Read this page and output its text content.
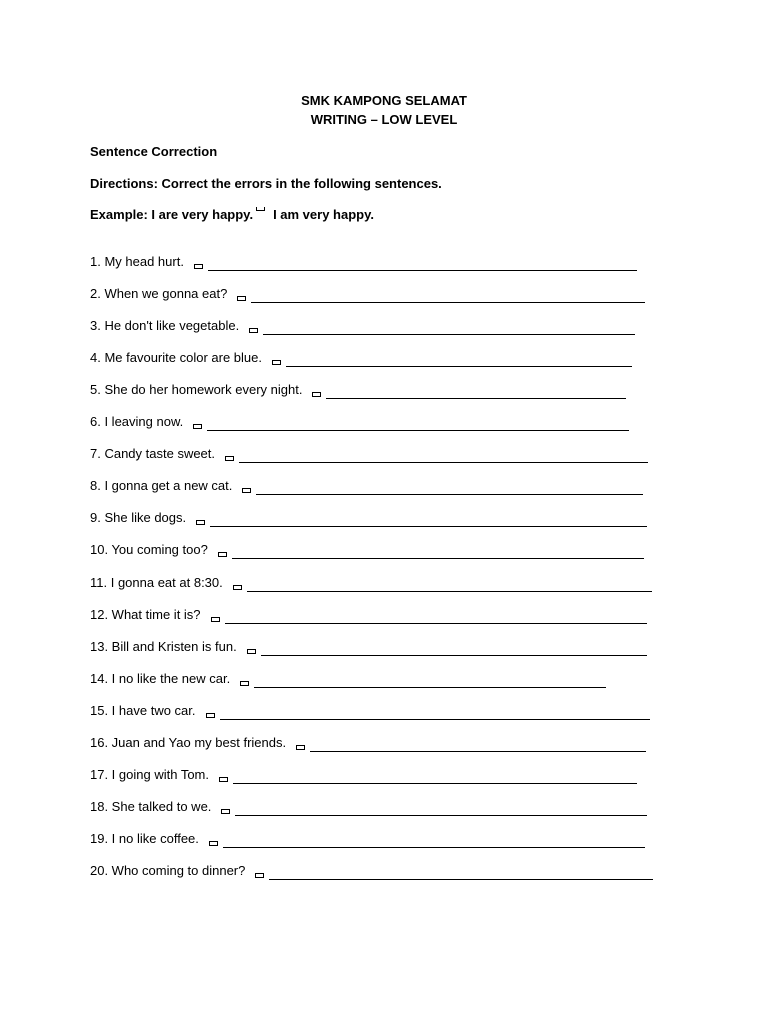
SMK KAMPONG SELAMAT
WRITING – LOW LEVEL
Sentence Correction
Directions: Correct the errors in the following sentences.
Example: I are very happy. I am very happy.
1. My head hurt.
2. When we gonna eat?
3. He don't like vegetable.
4. Me favourite color are blue.
5. She do her homework every night.
6. I leaving now.
7. Candy taste sweet.
8. I gonna get a new cat.
9. She like dogs.
10. You coming too?
11. I gonna eat at 8:30.
12. What time it is?
13. Bill and Kristen is fun.
14. I no like the new car.
15. I have two car.
16. Juan and Yao my best friends.
17. I going with Tom.
18. She talked to we.
19. I no like coffee.
20. Who coming to dinner?
